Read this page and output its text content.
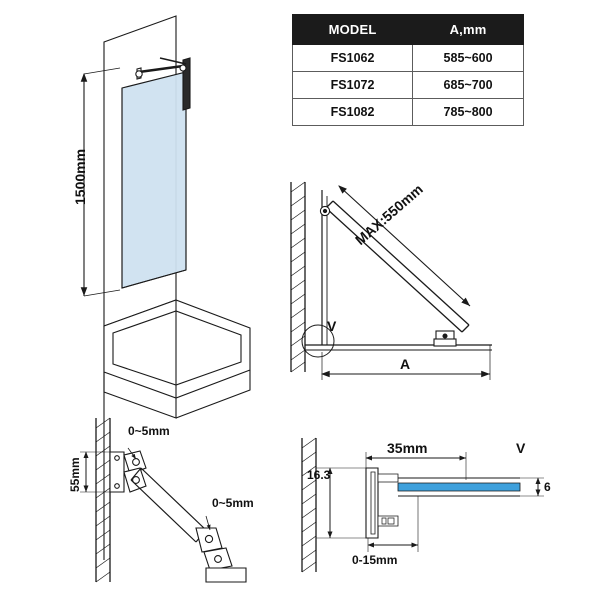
MODEL	A,mm
FS1062	585~600
FS1072	685~700
FS1082	785~800
1500mm
MAX:550mm
A
V
0~5mm
55mm
0~5mm
16.3
35mm	V
6
0-15mm
